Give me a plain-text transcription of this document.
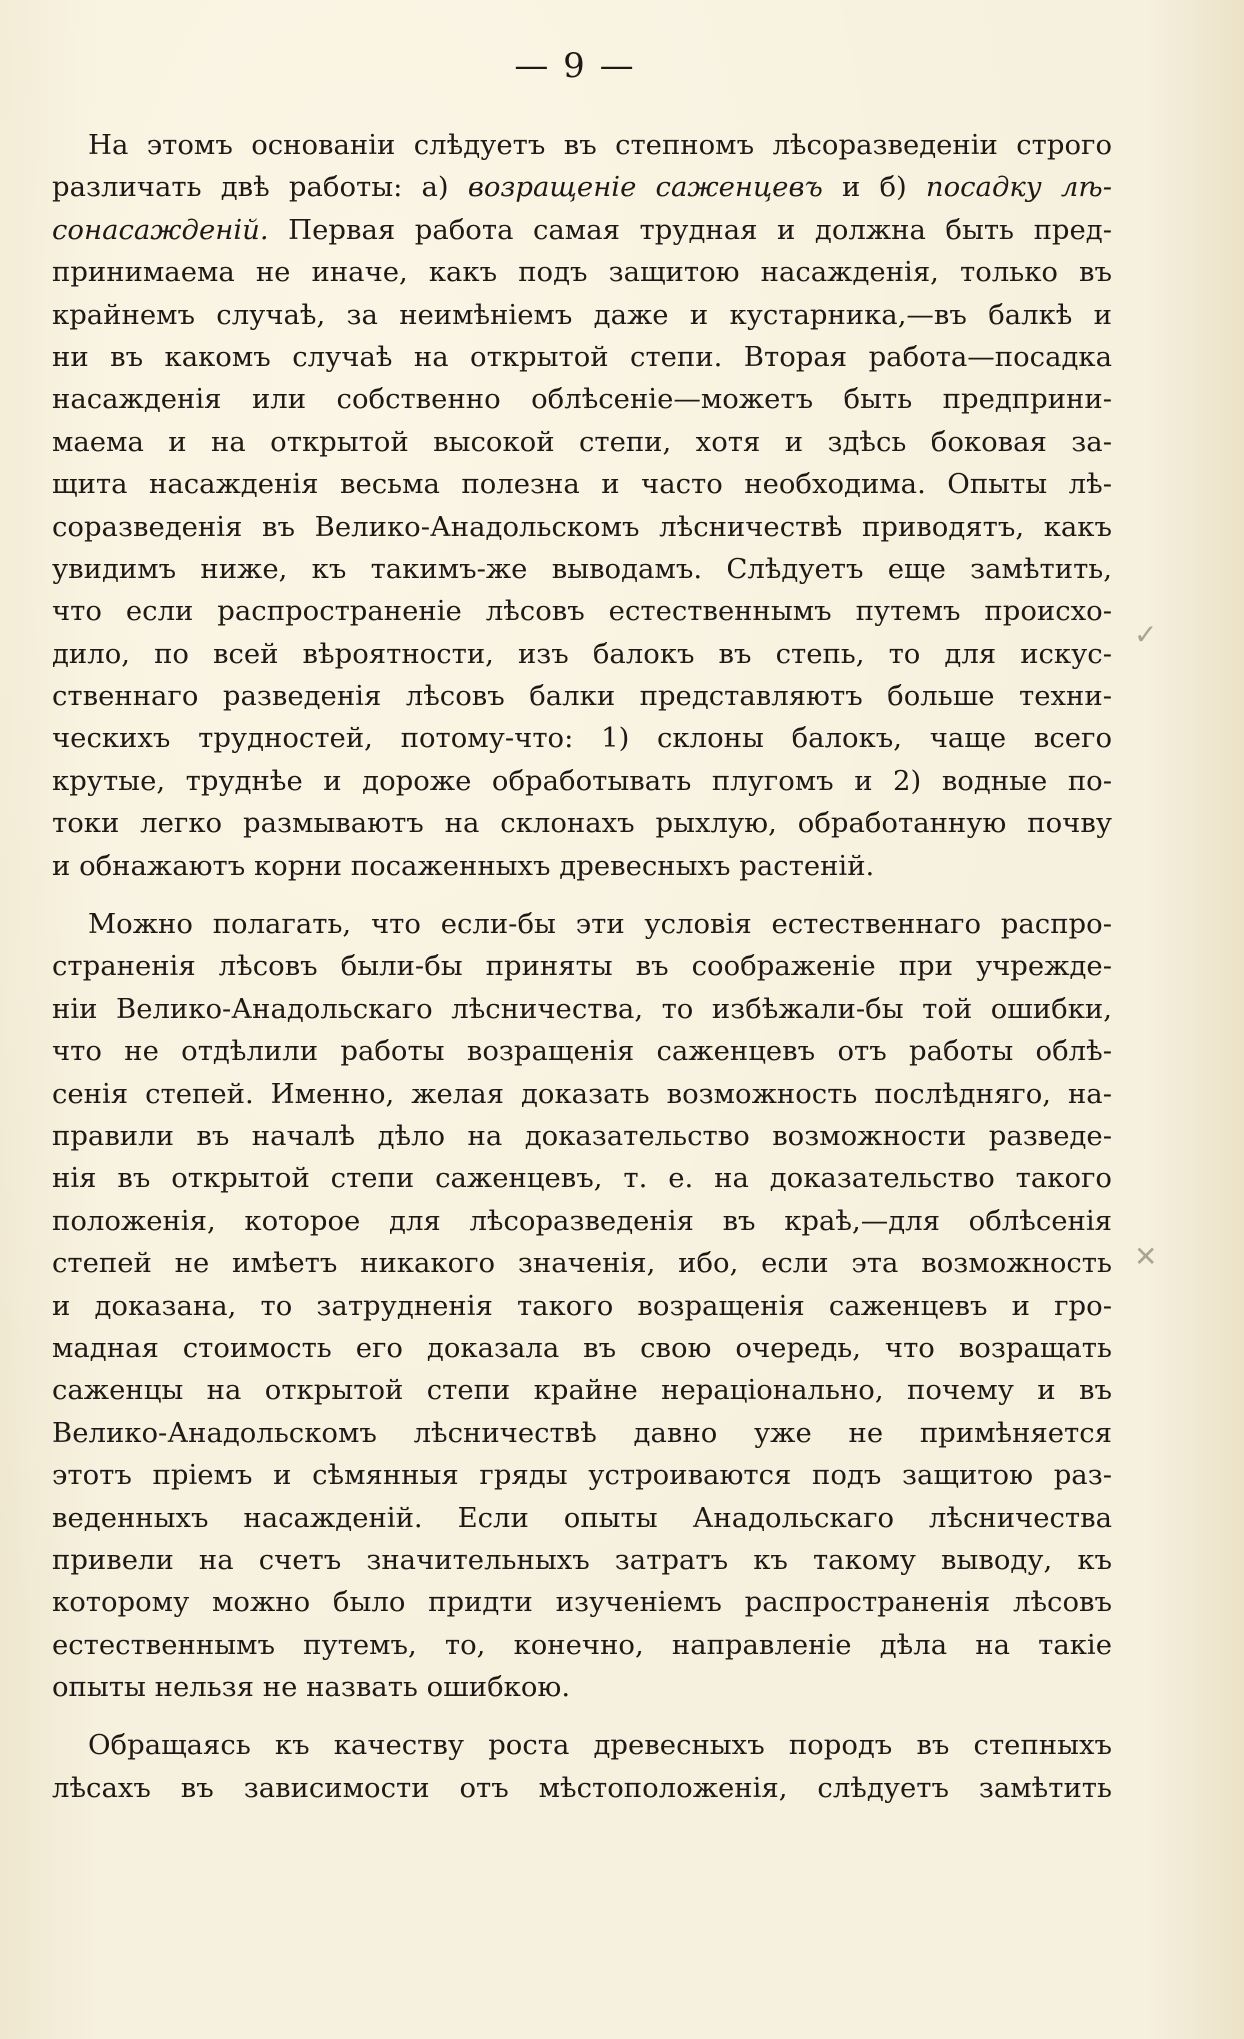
— 9 —
На этомъ основанiи слѣдуетъ въ степномъ лѣсоразведенiи строго
различать двѣ работы: а) возращенiе саженцевъ и б) посадку лѣ-
сонасажденiй. Первая работа самая трудная и должна быть пред-
принимаема не иначе, какъ подъ защитою насажденiя, только въ
крайнемъ случаѣ, за неимѣнiемъ даже и кустарника,—въ балкѣ и
ни въ какомъ случаѣ на открытой степи. Вторая работа—посадка
насажденiя или собственно облѣсенiе—можетъ быть предприни-
маема и на открытой высокой степи, хотя и здѣсь боковая за-
щита насажденiя весьма полезна и часто необходима. Опыты лѣ-
соразведенiя въ Велико-Анадольскомъ лѣсничествѣ приводятъ, какъ
увидимъ ниже, къ такимъ-же выводамъ. Слѣдуетъ еще замѣтить,
что если распространенiе лѣсовъ естественнымъ путемъ происхо-
дило, по всей вѣроятности, изъ балокъ въ степь, то для искус-
ственнаго разведенiя лѣсовъ балки представляютъ больше техни-
ческихъ трудностей, потому-что: 1) склоны балокъ, чаще всего
крутые, труднѣе и дороже обработывать плугомъ и 2) водные по-
токи легко размываютъ на склонахъ рыхлую, обработанную почву
и обнажаютъ корни посаженныхъ древесныхъ растенiй.
Можно полагать, что если-бы эти условiя естественнаго распро-
страненiя лѣсовъ были-бы приняты въ соображенiе при учрежде-
нiи Велико-Анадольскаго лѣсничества, то избѣжали-бы той ошибки,
что не отдѣлили работы возращенiя саженцевъ отъ работы облѣ-
сенiя степей. Именно, желая доказать возможность послѣдняго, на-
правили въ началѣ дѣло на доказательство возможности разведе-
нiя въ открытой степи саженцевъ, т. е. на доказательство такого
положенiя, которое для лѣсоразведенiя въ краѣ,—для облѣсенiя
степей не имѣетъ никакого значенiя, ибо, если эта возможность
и доказана, то затрудненiя такого возращенiя саженцевъ и гро-
мадная стоимость его доказала въ свою очередь, что возращать
саженцы на открытой степи крайне нерацiонально, почему и въ
Велико-Анадольскомъ лѣсничествѣ давно уже не примѣняется
этотъ прiемъ и сѣмянныя гряды устроиваются подъ защитою раз-
веденныхъ насажденiй. Если опыты Анадольскаго лѣсничества
привели на счетъ значительныхъ затратъ къ такому выводу, къ
которому можно было придти изученiемъ распространенiя лѣсовъ
естественнымъ путемъ, то, конечно, направленiе дѣла на такiе
опыты нельзя не назвать ошибкою.
Обращаясь къ качеству роста древесныхъ породъ въ степныхъ
лѣсахъ въ зависимости отъ мѣстоположенiя, слѣдуетъ замѣтить
✓
✕
